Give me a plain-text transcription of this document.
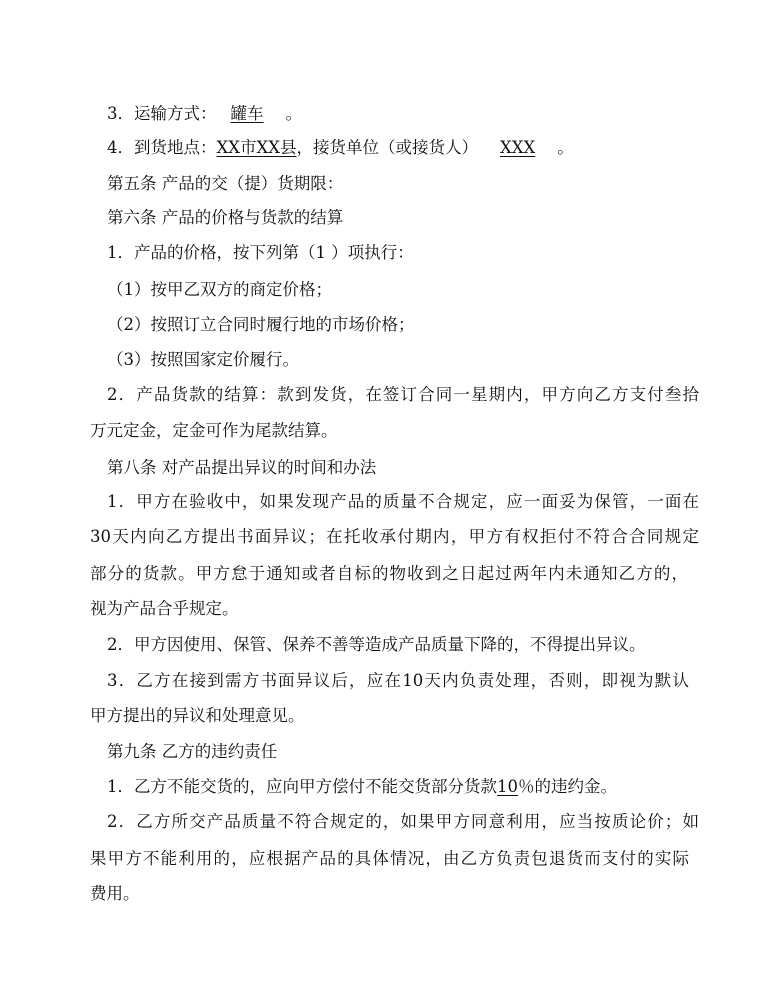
3．运输方式： 罐车 。
4．到货地点：XX市XX县，接货单位（或接货人） XXX 。
第五条 产品的交（提）货期限：
第六条 产品的价格与货款的结算
1．产品的价格，按下列第（1 ）项执行：
（1）按甲乙双方的商定价格；
（2）按照订立合同时履行地的市场价格；
（3）按照国家定价履行。
2．产品货款的结算：款到发货，在签订合同一星期内，甲方向乙方支付叁拾
万元定金，定金可作为尾款结算。
第八条 对产品提出异议的时间和办法
1．甲方在验收中，如果发现产品的质量不合规定，应一面妥为保管，一面在
30天内向乙方提出书面异议；在托收承付期内，甲方有权拒付不符合合同规定
部分的货款。甲方怠于通知或者自标的物收到之日起过两年内未通知乙方的，
视为产品合乎规定。
2．甲方因使用、保管、保养不善等造成产品质量下降的，不得提出异议。
3．乙方在接到需方书面异议后，应在10天内负责处理，否则，即视为默认
甲方提出的异议和处理意见。
第九条 乙方的违约责任
1．乙方不能交货的，应向甲方偿付不能交货部分货款10％的违约金。
2．乙方所交产品质量不符合规定的，如果甲方同意利用，应当按质论价；如
果甲方不能利用的，应根据产品的具体情况，由乙方负责包退货而支付的实际
费用。
